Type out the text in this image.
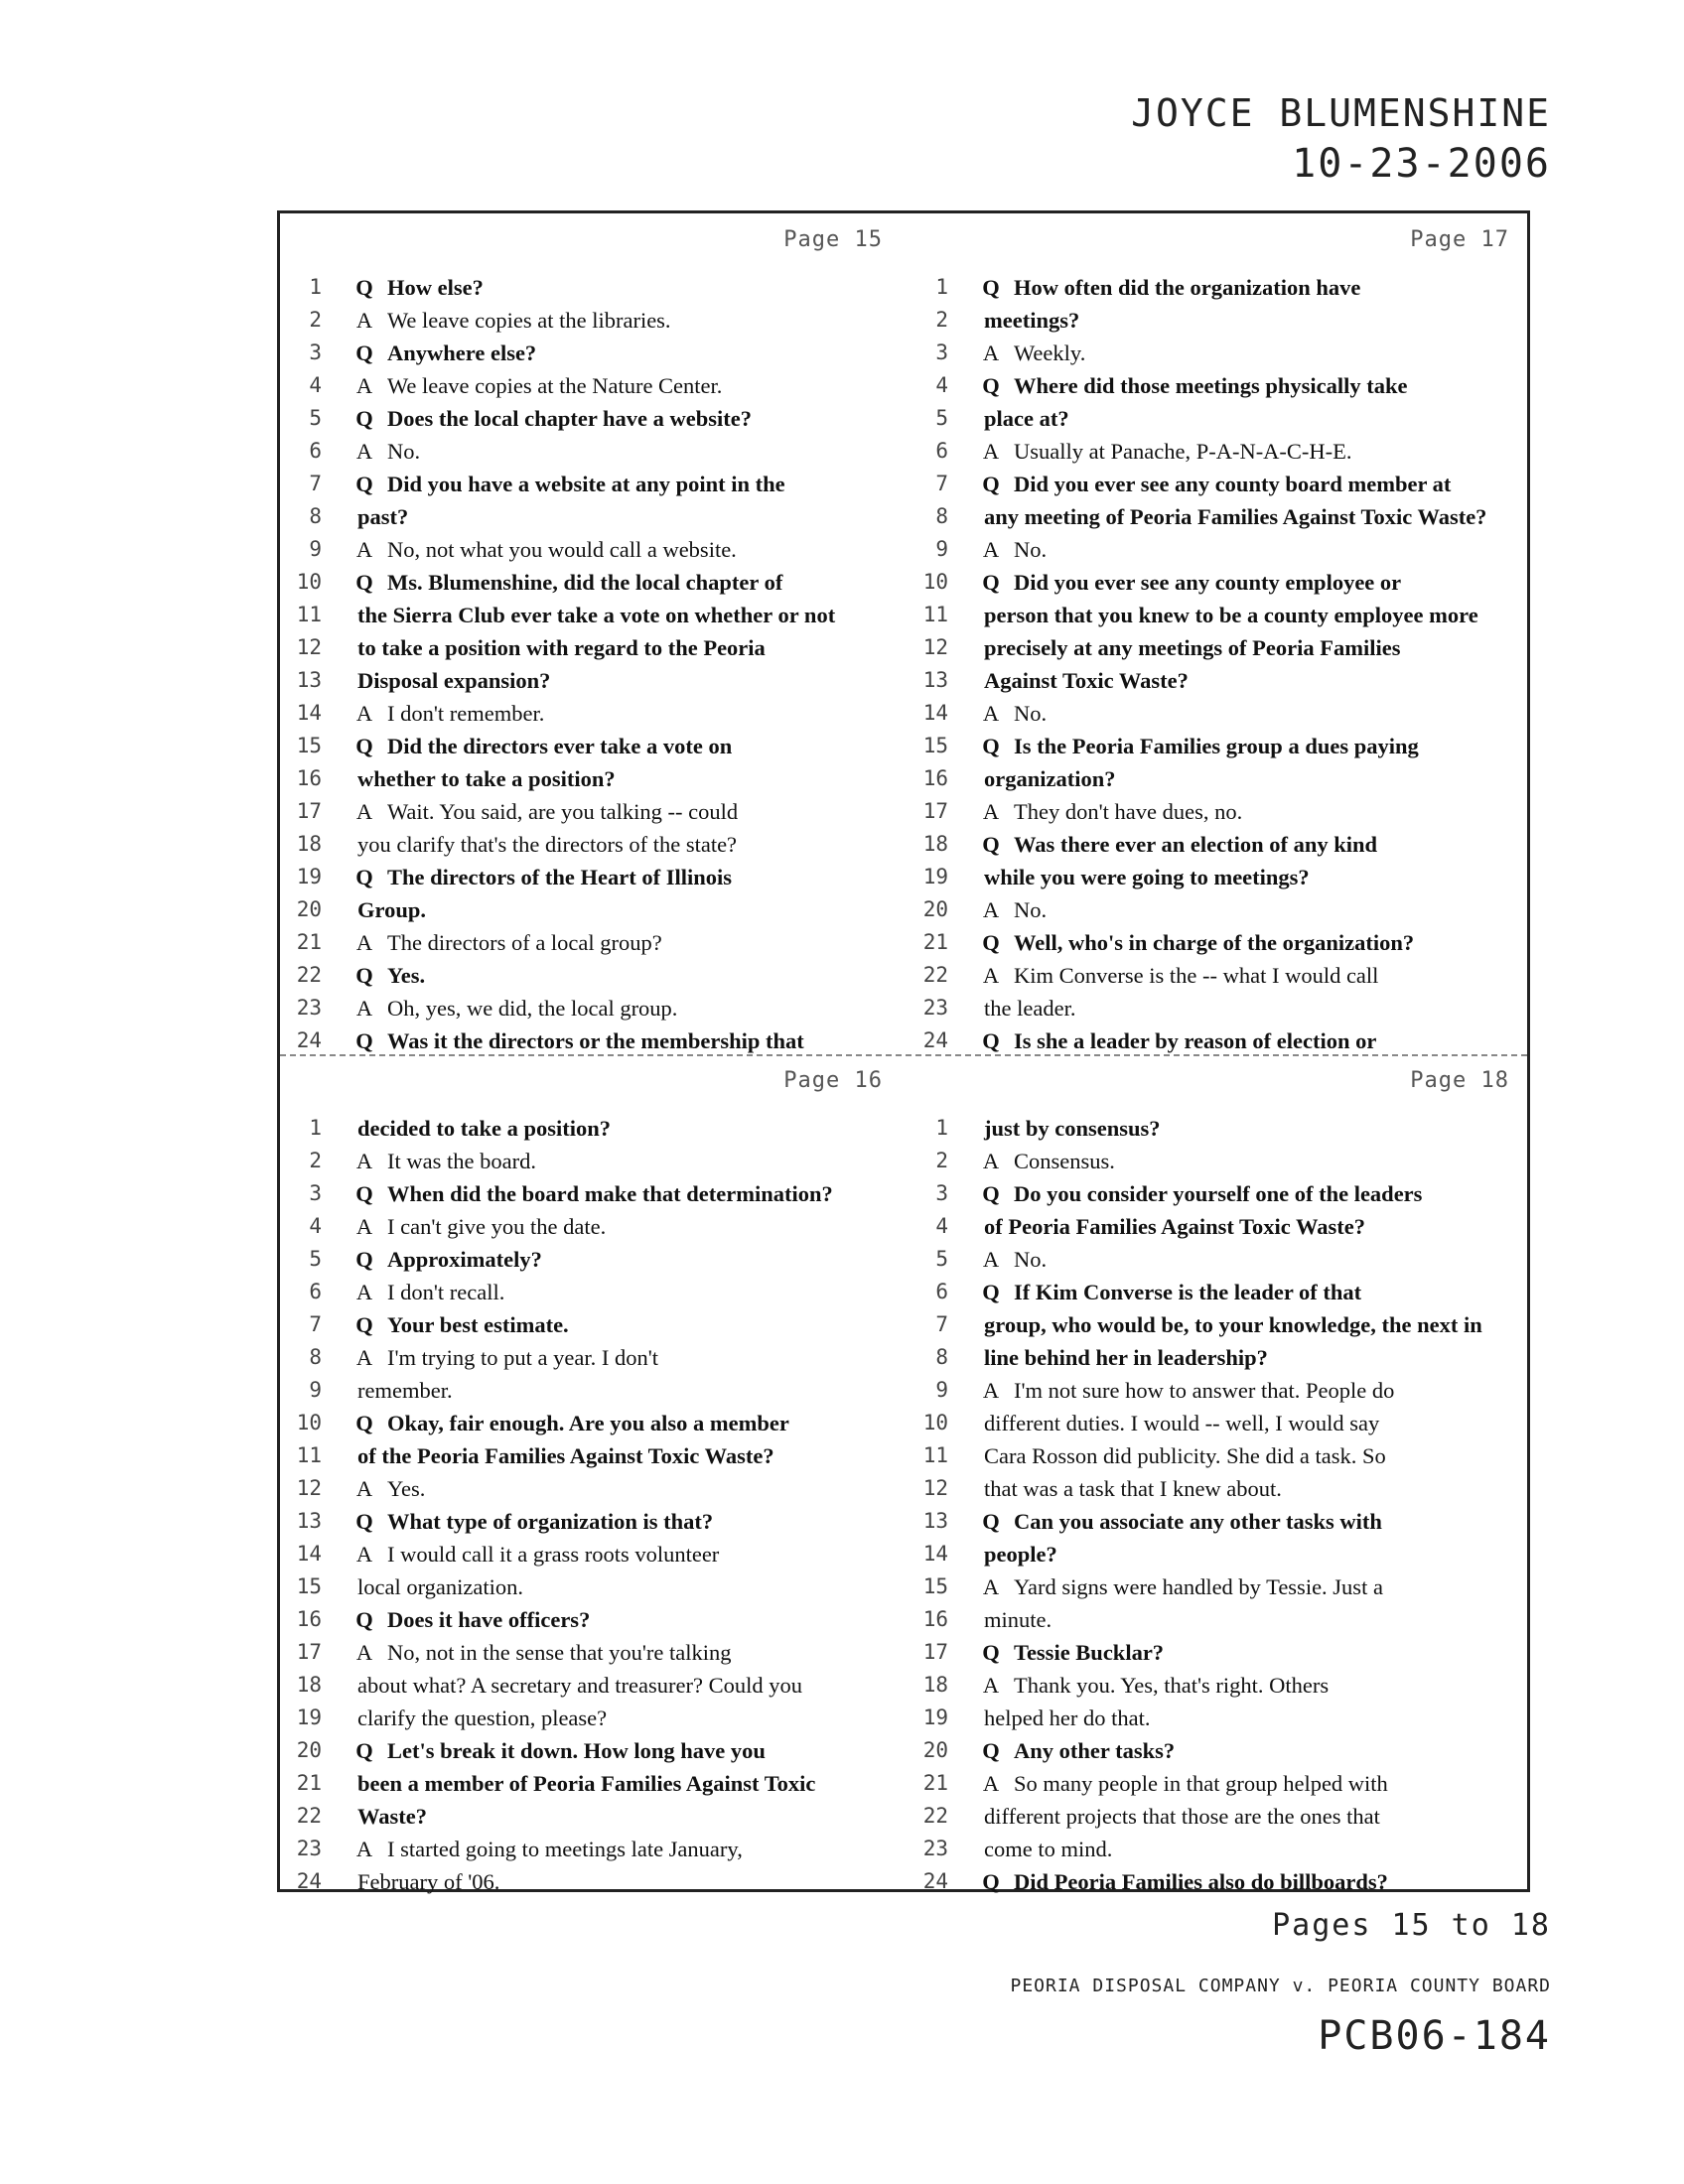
JOYCE BLUMENSHINE
10-23-2006
Page 15
1	Q How else?
2	A We leave copies at the libraries.
3	Q Anywhere else?
4	A We leave copies at the Nature Center.
5	Q Does the local chapter have a website?
6	A No.
7	Q Did you have a website at any point in the
8	past?
9	A No, not what you would call a website.
10	Q Ms. Blumenshine, did the local chapter of
11	the Sierra Club ever take a vote on whether or not
12	to take a position with regard to the Peoria
13	Disposal expansion?
14	A I don't remember.
15	Q Did the directors ever take a vote on
16	whether to take a position?
17	A Wait. You said, are you talking -- could
18	you clarify that's the directors of the state?
19	Q The directors of the Heart of Illinois
20	Group.
21	A The directors of a local group?
22	Q Yes.
23	A Oh, yes, we did, the local group.
24	Q Was it the directors or the membership that
Page 17
1	Q How often did the organization have
2	meetings?
3	A Weekly.
4	Q Where did those meetings physically take
5	place at?
6	A Usually at Panache, P-A-N-A-C-H-E.
7	Q Did you ever see any county board member at
8	any meeting of Peoria Families Against Toxic Waste?
9	A No.
10	Q Did you ever see any county employee or
11	person that you knew to be a county employee more
12	precisely at any meetings of Peoria Families
13	Against Toxic Waste?
14	A No.
15	Q Is the Peoria Families group a dues paying
16	organization?
17	A They don't have dues, no.
18	Q Was there ever an election of any kind
19	while you were going to meetings?
20	A No.
21	Q Well, who's in charge of the organization?
22	A Kim Converse is the -- what I would call
23	the leader.
24	Q Is she a leader by reason of election or
Page 16
1	decided to take a position?
2	A It was the board.
3	Q When did the board make that determination?
4	A I can't give you the date.
5	Q Approximately?
6	A I don't recall.
7	Q Your best estimate.
8	A I'm trying to put a year. I don't
9	remember.
10	Q Okay, fair enough. Are you also a member
11	of the Peoria Families Against Toxic Waste?
12	A Yes.
13	Q What type of organization is that?
14	A I would call it a grass roots volunteer
15	local organization.
16	Q Does it have officers?
17	A No, not in the sense that you're talking
18	about what? A secretary and treasurer? Could you
19	clarify the question, please?
20	Q Let's break it down. How long have you
21	been a member of Peoria Families Against Toxic
22	Waste?
23	A I started going to meetings late January,
24	February of '06.
Page 18
1	just by consensus?
2	A Consensus.
3	Q Do you consider yourself one of the leaders
4	of Peoria Families Against Toxic Waste?
5	A No.
6	Q If Kim Converse is the leader of that
7	group, who would be, to your knowledge, the next in
8	line behind her in leadership?
9	A I'm not sure how to answer that. People do
10	different duties. I would -- well, I would say
11	Cara Rosson did publicity. She did a task. So
12	that was a task that I knew about.
13	Q Can you associate any other tasks with
14	people?
15	A Yard signs were handled by Tessie. Just a
16	minute.
17	Q Tessie Bucklar?
18	A Thank you. Yes, that's right. Others
19	helped her do that.
20	Q Any other tasks?
21	A So many people in that group helped with
22	different projects that those are the ones that
23	come to mind.
24	Q Did Peoria Families also do billboards?
Pages 15 to 18
PEORIA DISPOSAL COMPANY v. PEORIA COUNTY BOARD
PCB06-184
